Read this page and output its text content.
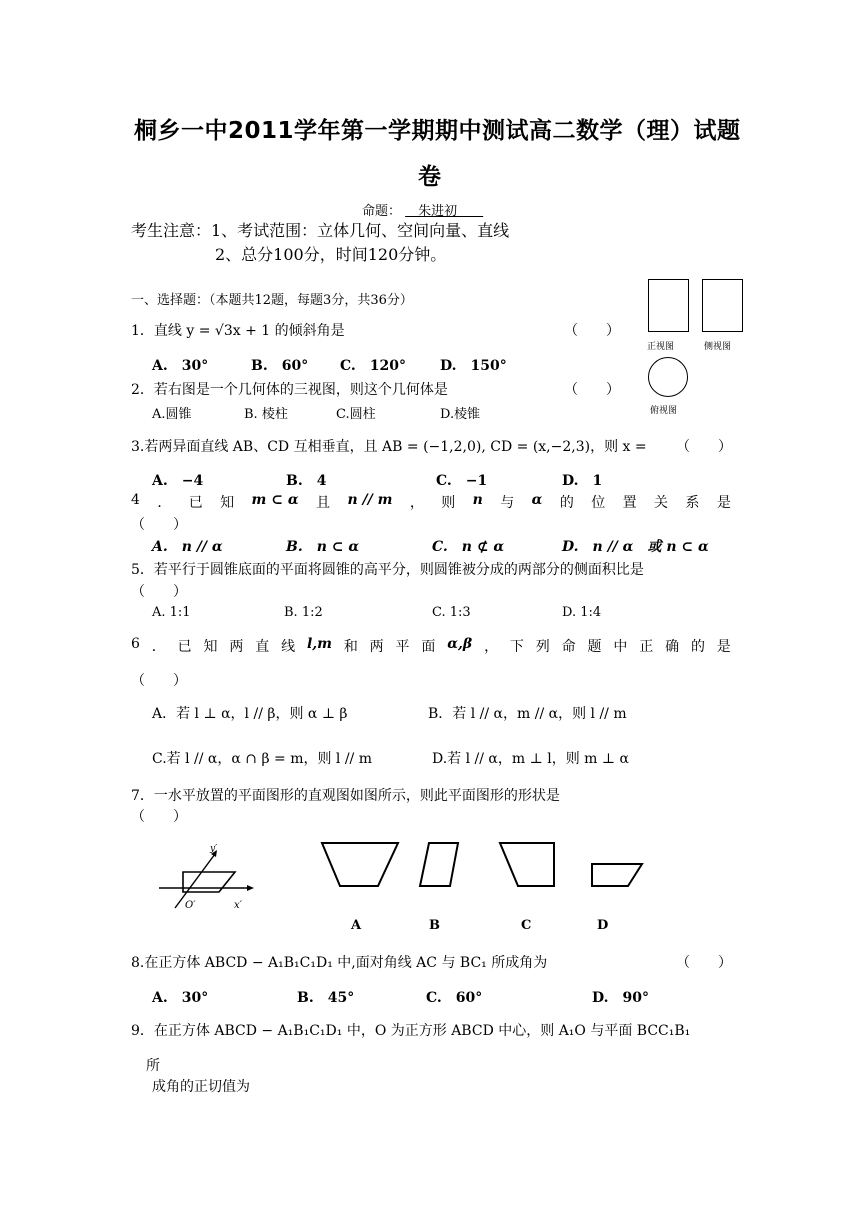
桐乡一中2011学年第一学期期中测试高二数学（理）试题
卷
命题： 　朱进初　　
考生注意：1、考试范围：立体几何、空间向量、直线
2、总分100分，时间120分钟。
一、选择题：（本题共12题，每题3分，共36分）
正视图	侧视图
俯视图
1．直线 y = √3x + 1 的倾斜角是	（　　）
A.　30°	B.　60° C.　120° D.　150°
2．若右图是一个几何体的三视图，则这个几何体是	（　　）
A.圆锥	B. 棱柱	C.圆柱	D.棱锥
3.若两异面直线 AB、CD 互相垂直，且 AB = (−1,2,0), CD = (x,−2,3)，则 x = （　　）
A.　−4	B.　4	C.　−1	D.　1
4 ． 已 知 m ⊂ α 且 n // m ， 则 n 与 α 的 位 置 关 系 是
（　　）
A.　n // α	B.　n ⊂ α	C.　n ⊄ α	D.　n // α　或 n ⊂ α
5．若平行于圆锥底面的平面将圆锥的高平分，则圆锥被分成的两部分的侧面积比是
（　　）
A. 1:1	B. 1:2	C. 1:3	D. 1:4
6 ． 已 知 两 直 线 l,m 和 两 平 面 α,β ， 下 列 命 题 中 正 确 的 是
（　　）
A．若 l ⊥ α，l // β，则 α ⊥ β	B．若 l // α，m // α，则 l // m
C.若 l // α，α ∩ β = m，则 l // m	D.若 l // α，m ⊥ l，则 m ⊥ α
7．一水平放置的平面图形的直观图如图所示，则此平面图形的形状是
（　　）
y′
O′	x′
A	B	C	D
8.在正方体 ABCD − A₁B₁C₁D₁ 中,面对角线 AC 与 BC₁ 所成角为	（　　）
A.　30°	B.　45°	C.　60°	D.　90°
9．在正方体 ABCD − A₁B₁C₁D₁ 中，O 为正方形 ABCD 中心，则 A₁O 与平面 BCC₁B₁
所
成角的正切值为
